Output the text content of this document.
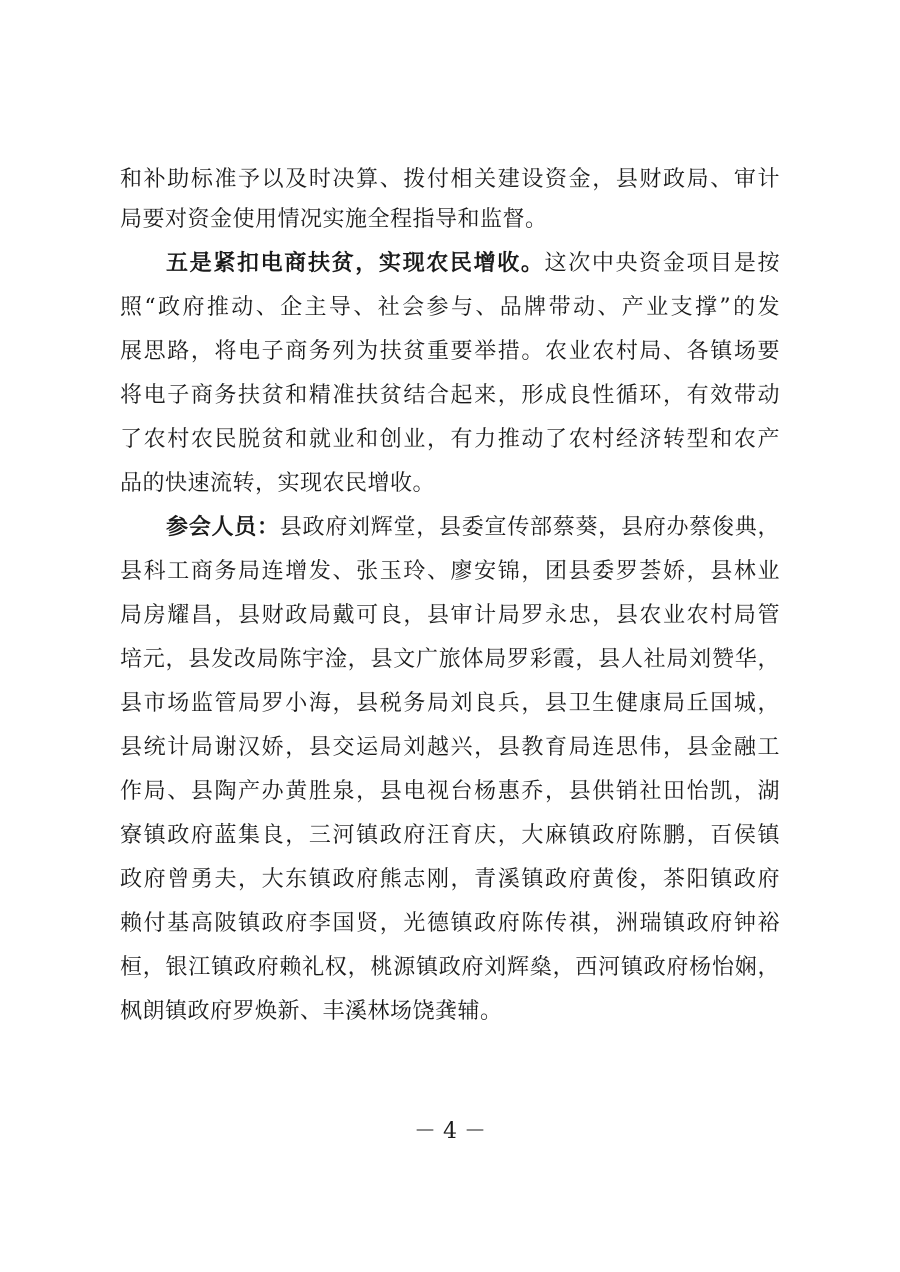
和补助标准予以及时决算、拨付相关建设资金，县财政局、审计
局要对资金使用情况实施全程指导和监督。
五是紧扣电商扶贫，实现农民增收。这次中央资金项目是按
照“政府推动、企主导、社会参与、品牌带动、产业支撑”的发
展思路，将电子商务列为扶贫重要举措。农业农村局、各镇场要
将电子商务扶贫和精准扶贫结合起来，形成良性循环，有效带动
了农村农民脱贫和就业和创业，有力推动了农村经济转型和农产
品的快速流转，实现农民增收。
参会人员：县政府刘辉堂，县委宣传部蔡葵，县府办蔡俊典，
县科工商务局连增发、张玉玲、廖安锦，团县委罗荟娇，县林业
局房耀昌，县财政局戴可良，县审计局罗永忠，县农业农村局管
培元，县发改局陈宇淦，县文广旅体局罗彩霞，县人社局刘赞华，
县市场监管局罗小海，县税务局刘良兵，县卫生健康局丘国城，
县统计局谢汉娇，县交运局刘越兴，县教育局连思伟，县金融工
作局、县陶产办黄胜泉，县电视台杨惠乔，县供销社田怡凯，湖
寮镇政府蓝集良，三河镇政府汪育庆，大麻镇政府陈鹏，百侯镇
政府曾勇夫，大东镇政府熊志刚，青溪镇政府黄俊，茶阳镇政府
赖付基高陂镇政府李国贤，光德镇政府陈传祺，洲瑞镇政府钟裕
桓，银江镇政府赖礼权，桃源镇政府刘辉燊，西河镇政府杨怡娴，
枫朗镇政府罗焕新、丰溪林场饶龚辅。
－ 4 －
